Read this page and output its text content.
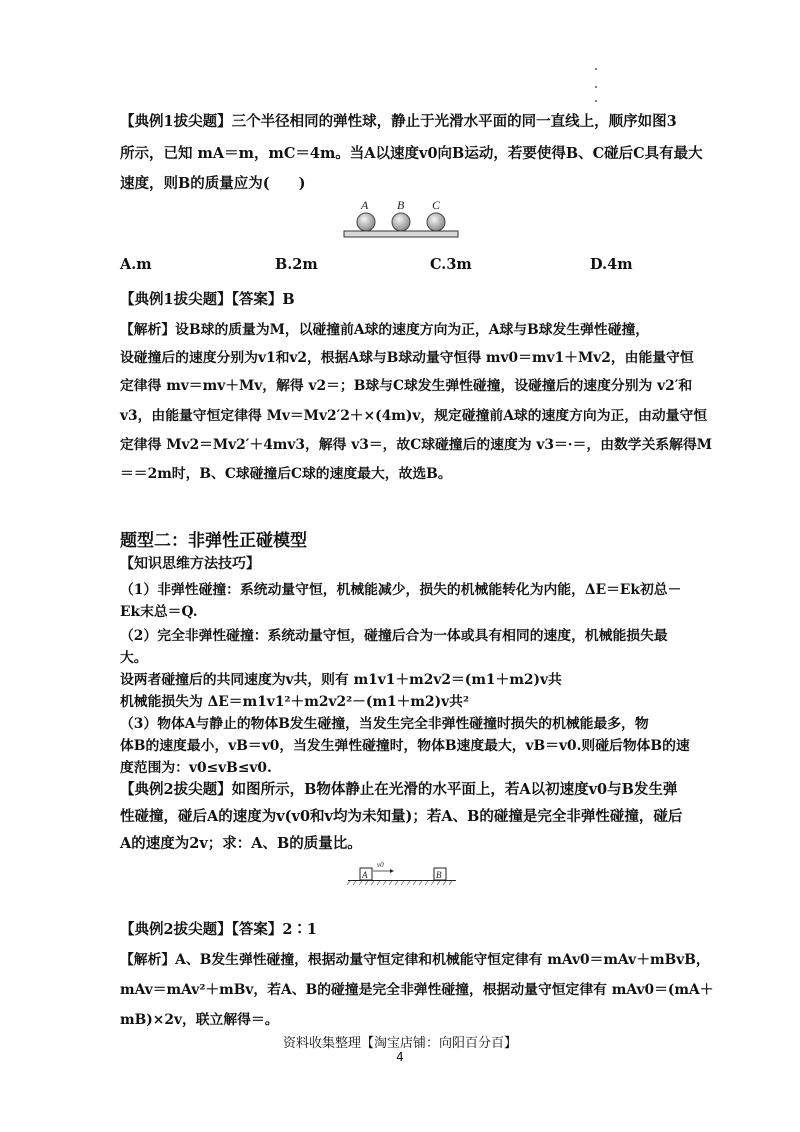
【典例1拔尖题】三个半径相同的弹性球，静止于光滑水平面的同一直线上，顺序如图3
所示，已知 mA＝m，mC＝4m。当A以速度v0向B运动，若要使得B、C碰后C具有最大
速度，则B的质量应为(　　)
A B C
A.m	B.2m	C.3m	D.4m
【典例1拔尖题】【答案】B
【解析】设B球的质量为M，以碰撞前A球的速度方向为正，A球与B球发生弹性碰撞，
设碰撞后的速度分别为v1和v2，根据A球与B球动量守恒得 mv0＝mv1＋Mv2，由能量守恒
定律得 mv＝mv＋Mv，解得 v2＝；B球与C球发生弹性碰撞，设碰撞后的速度分别为 v2′和
v3，由能量守恒定律得 Mv＝Mv2′2＋×(4m)v，规定碰撞前A球的速度方向为正，由动量守恒
定律得 Mv2＝Mv2′＋4mv3，解得 v3＝，故C球碰撞后的速度为 v3＝·＝，由数学关系解得M
＝＝2m时，B、C球碰撞后C球的速度最大，故选B。
题型二：非弹性正碰模型
【知识思维方法技巧】
（1）非弹性碰撞：系统动量守恒，机械能减少，损失的机械能转化为内能，ΔE＝Ek初总－
Ek末总＝Q.
（2）完全非弹性碰撞：系统动量守恒，碰撞后合为一体或具有相同的速度，机械能损失最
大。
设两者碰撞后的共同速度为v共，则有 m1v1＋m2v2＝(m1＋m2)v共
机械能损失为 ΔE＝m1v1²＋m2v2²－(m1＋m2)v共²
（3）物体A与静止的物体B发生碰撞，当发生完全非弹性碰撞时损失的机械能最多，物
体B的速度最小，vB＝v0，当发生弹性碰撞时，物体B速度最大，vB＝v0.则碰后物体B的速
度范围为：v0≤vB≤v0.
【典例2拔尖题】如图所示，B物体静止在光滑的水平面上，若A以初速度v0与B发生弹
性碰撞，碰后A的速度为v(v0和v均为未知量)；若A、B的碰撞是完全非弹性碰撞，碰后
A的速度为2v；求：A、B的质量比。
A
v0
B
【典例2拔尖题】【答案】2∶1
【解析】A、B发生弹性碰撞，根据动量守恒定律和机械能守恒定律有 mAv0＝mAv＋mBvB，
mAv＝mAv²＋mBv，若A、B的碰撞是完全非弹性碰撞，根据动量守恒定律有 mAv0＝(mA＋
mB)×2v，联立解得＝。
资料收集整理【淘宝店铺：向阳百分百】
4
